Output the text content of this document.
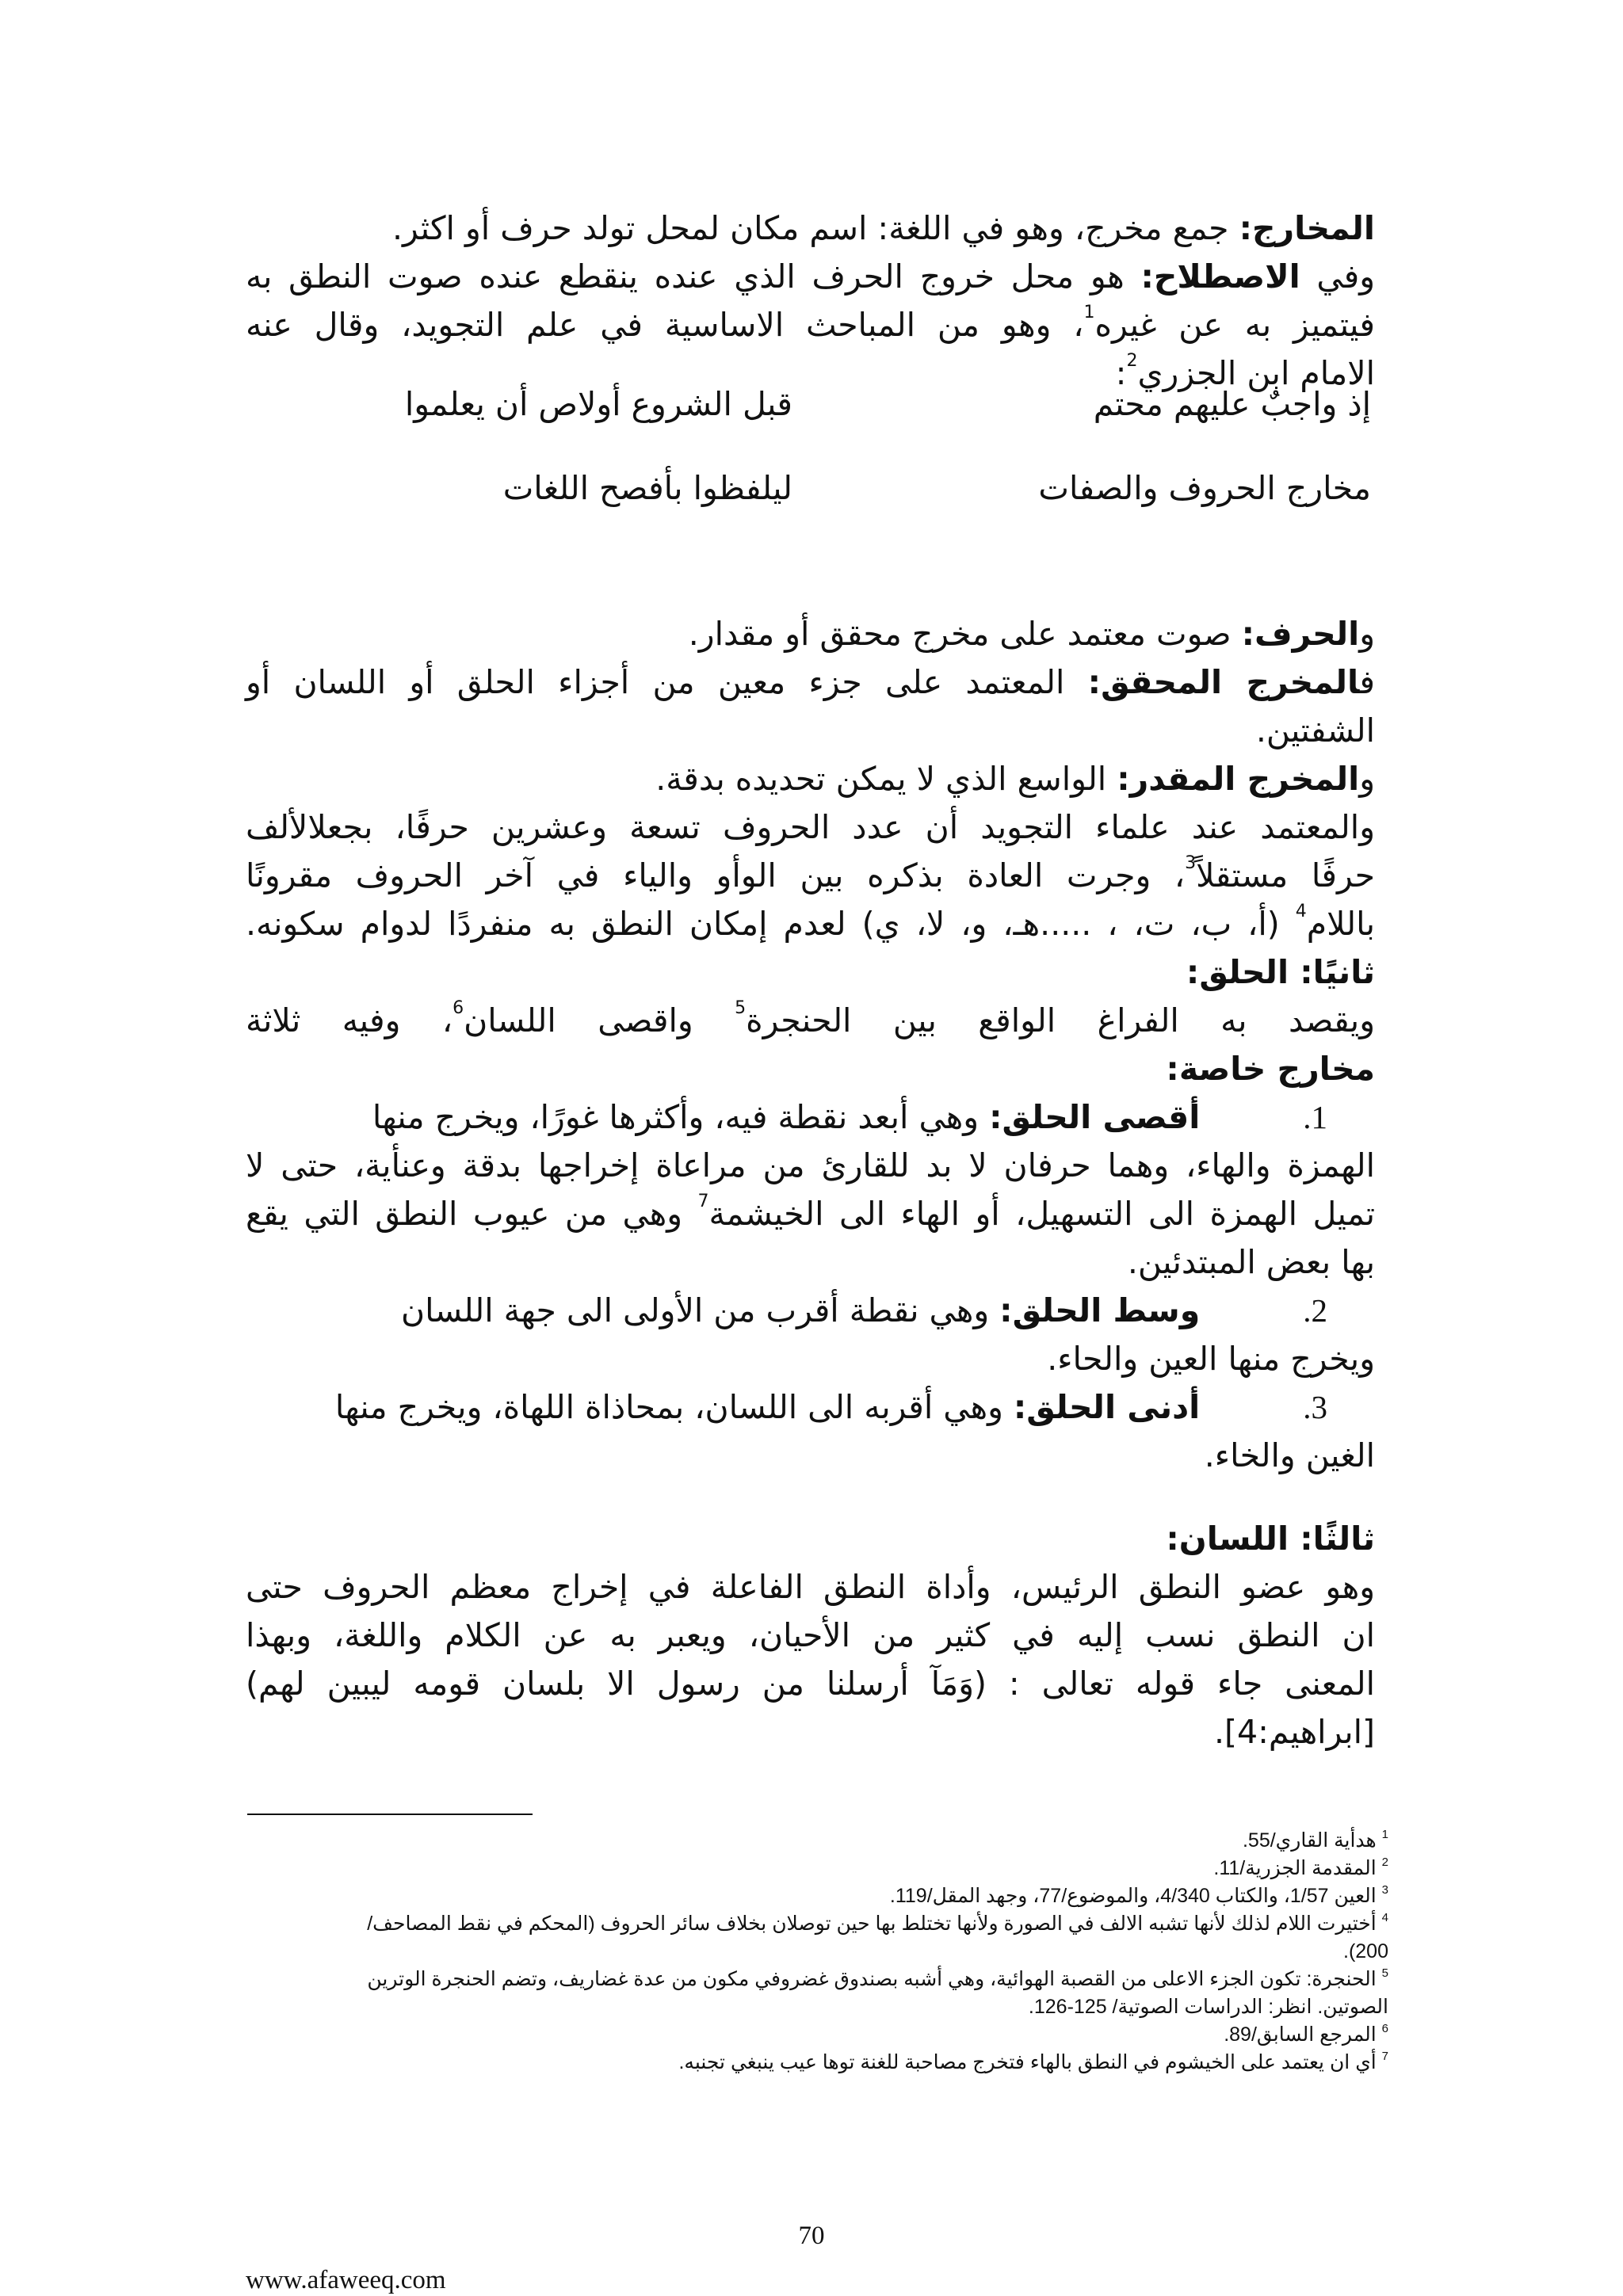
المخارج: جمع مخرج، وهو في اللغة: اسم مكان لمحل تولد حرف أو اكثر.
وفي الاصطلاح: هو محل خروج الحرف الذي عنده ينقطع عنده صوت النطق به
فيتميز به عن غيره$^1$، وهو من المباحث الاساسية في علم التجويد، وقال عنه
الامام ابن الجزري$^2$:
إذ واجبٌ عليهم محتم
قبل الشروع أولاص أن يعلموا
مخارج الحروف والصفات
ليلفظوا بأفصح اللغات
والحرف: صوت معتمد على مخرج محقق أو مقدار.
فالمخرج المحقق: المعتمد على جزء معين من أجزاء الحلق أو اللسان أو
الشفتين.
والمخرج المقدر: الواسع الذي لا يمكن تحديده بدقة.
والمعتمد عند علماء التجويد أن عدد الحروف تسعة وعشرين حرفًا، بجعلالألف
حرفًا مستقلاً$^3$، وجرت العادة بذكره بين الوأو والياء في آخر الحروف مقرونًا
باللام$^4$ (أ، ب، ت، ، .....هـ، و، لا، ي) لعدم إمكان النطق به منفردًا لدوام سكونه.
ثانيًا: الحلق:
ويقصد به الفراغ الواقع بين الحنجرة$^5$ واقصى اللسان$^6$، وفيه ثلاثة
مخارج خاصة:
1.أقصى الحلق: وهي أبعد نقطة فيه، وأكثرها غورًا، ويخرج منها
الهمزة والهاء، وهما حرفان لا بد للقارئ من مراعاة إخراجها بدقة وعنأية، حتى لا
تميل الهمزة الى التسهيل، أو الهاء الى الخيشمة$^7$ وهي من عيوب النطق التي يقع
بها بعض المبتدئين.
2.وسط الحلق: وهي نقطة أقرب من الأولى الى جهة اللسان
ويخرج منها العين والحاء.
3.أدنى الحلق: وهي أقربه الى اللسان، بمحاذاة اللهاة، ويخرج منها
الغين والخاء.
ثالثًا: اللسان:
وهو عضو النطق الرئيس، وأداة النطق الفاعلة في إخراج معظم الحروف حتى
ان النطق نسب إليه في كثير من الأحيان، ويعبر به عن الكلام واللغة، وبهذا
المعنى جاء قوله تعالى : (وَمَآ أرسلنا من رسول الا بلسان قومه ليبين لهم)
[ابراهيم:4].
$^1$ هدأية القاري/55.
$^2$ المقدمة الجزرية/11.
$^3$ العين 1/57، والكتاب 4/340، والموضوع/77، وجهد المقل/119.
$^4$ أختيرت اللام لذلك لأنها تشبه الالف في الصورة ولأنها تختلط بها حين توصلان بخلاف سائر الحروف (المحكم في نقط المصاحف/
200).
$^5$ الحنجرة: تكون الجزء الاعلى من القصبة الهوائية، وهي أشبه بصندوق غضروفي مكون من عدة غضاريف، وتضم الحنجرة الوترين
الصوتين. انظر: الدراسات الصوتية/ 125-126.
$^6$ المرجع السابق/89.
$^7$ أي ان يعتمد على الخيشوم في النطق بالهاء فتخرج مصاحبة للغنة توها عيب ينبغي تجنبه.
70
www.afaweeq.com
